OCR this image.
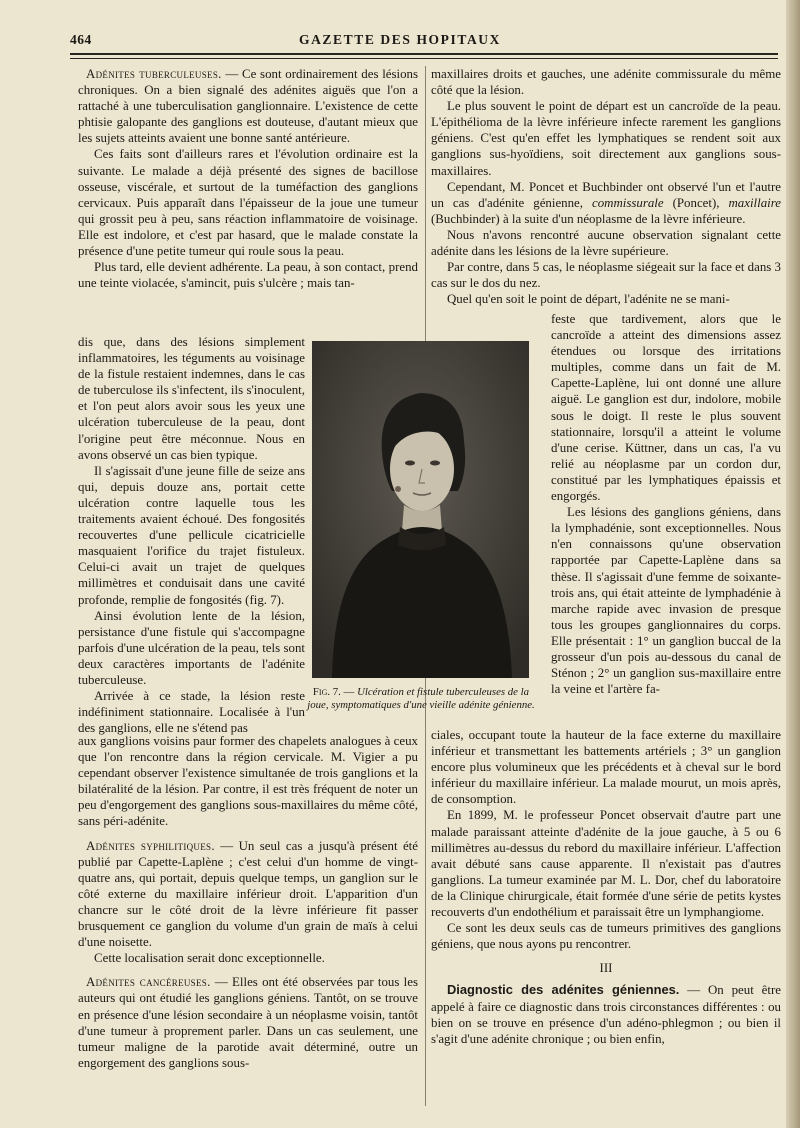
464	GAZETTE DES HOPITAUX

Adénites tuberculeuses. — Ce sont ordinairement des lésions chroniques. On a bien signalé des adénites aiguës que l'on a rattaché à une tuberculisation ganglionnaire. L'existence de cette phtisie galopante des ganglions est douteuse, d'autant mieux que les sujets atteints avaient une bonne santé antérieure.

Ces faits sont d'ailleurs rares et l'évolution ordinaire est la suivante. Le malade a déjà présenté des signes de bacillose osseuse, viscérale, et surtout de la tuméfaction des ganglions cervicaux. Puis apparaît dans l'épaisseur de la joue une tumeur qui grossit peu à peu, sans réaction inflammatoire de voisinage. Elle est indolore, et c'est par hasard, que le malade constate la présence d'une petite tumeur qui roule sous la peau.

Plus tard, elle devient adhérente. La peau, à son contact, prend une teinte violacée, s'amincit, puis s'ulcère ; mais tan-

dis que, dans des lésions simplement inflammatoires, les téguments au voisinage de la fistule restaient indemnes, dans le cas de tuberculose ils s'infectent, ils s'inoculent, et l'on peut alors avoir sous les yeux une ulcération tuberculeuse de la peau, dont l'origine peut être méconnue. Nous en avons observé un cas bien typique.

Il s'agissait d'une jeune fille de seize ans qui, depuis douze ans, portait cette ulcération contre laquelle tous les traitements avaient échoué. Des fongosités recouvertes d'une pellicule cicatricielle masquaient l'orifice du trajet fistuleux. Celui-ci avait un trajet de quelques millimètres et conduisait dans une cavité profonde, remplie de fongosités (fig. 7).

Ainsi évolution lente de la lésion, persistance d'une fistule qui s'accompagne parfois d'une ulcération de la peau, tels sont deux caractères importants de l'adénite tuberculeuse.

Arrivée à ce stade, la lésion reste indéfiniment stationnaire. Localisée à l'un des ganglions, elle ne s'étend pas

Fig. 7. — Ulcération et fistule tuberculeuses de la joue, symptomatiques d'une vieille adénite génienne.

aux ganglions voisins paur former des chapelets analogues à ceux que l'on rencontre dans la région cervicale. M. Vigier a pu cependant observer l'existence simultanée de trois ganglions et la bilatéralité de la lésion. Par contre, il est très fréquent de noter un peu d'engorgement des ganglions sous-maxillaires du même côté, sans péri-adénite.

Adénites syphilitiques. — Un seul cas a jusqu'à présent été publié par Capette-Laplène ; c'est celui d'un homme de vingt-quatre ans, qui portait, depuis quelque temps, un ganglion sur le côté externe du maxillaire inférieur droit. L'apparition d'un chancre sur le côté droit de la lèvre inférieure fit passer brusquement ce ganglion du volume d'un grain de maïs à celui d'une noisette.

Cette localisation serait donc exceptionnelle.

Adénites cancéreuses. — Elles ont été observées par tous les auteurs qui ont étudié les ganglions géniens. Tantôt, on se trouve en présence d'une lésion secondaire à un néoplasme voisin, tantôt d'une tumeur à proprement parler. Dans un cas seulement, une tumeur maligne de la parotide avait déterminé, outre un engorgement des ganglions sous-

maxillaires droits et gauches, une adénite commissurale du même côté que la lésion.

Le plus souvent le point de départ est un cancroïde de la peau. L'épithélioma de la lèvre inférieure infecte rarement les ganglions géniens. C'est qu'en effet les lymphatiques se rendent soit aux ganglions sus-hyoïdiens, soit directement aux ganglions sous-maxillaires.

Cependant, M. Poncet et Buchbinder ont observé l'un et l'autre un cas d'adénite génienne, commissurale (Poncet), maxillaire (Buchbinder) à la suite d'un néoplasme de la lèvre inférieure.

Nous n'avons rencontré aucune observation signalant cette adénite dans les lésions de la lèvre supérieure.

Par contre, dans 5 cas, le néoplasme siégeait sur la face et dans 3 cas sur le dos du nez.

Quel qu'en soit le point de départ, l'adénite ne se mani-

feste que tardivement, alors que le cancroïde a atteint des dimensions assez étendues ou lorsque des irritations multiples, comme dans un fait de M. Capette-Laplène, lui ont donné une allure aiguë. Le ganglion est dur, indolore, mobile sous le doigt. Il reste le plus souvent stationnaire, lorsqu'il a atteint le volume d'une cerise. Küttner, dans un cas, l'a vu relié au néoplasme par un cordon dur, constitué par les lymphatiques épaissis et engorgés.

Les lésions des ganglions géniens, dans la lymphadénie, sont exceptionnelles. Nous n'en connaissons qu'une observation rapportée par Capette-Laplène dans sa thèse. Il s'agissait d'une femme de soixante-trois ans, qui était atteinte de lymphadénie à marche rapide avec invasion de presque tous les groupes ganglionnaires du corps. Elle présentait : 1° un ganglion buccal de la grosseur d'un pois au-dessous du canal de Sténon ; 2° un ganglion sus-maxillaire entre la veine et l'artère fa-

ciales, occupant toute la hauteur de la face externe du maxillaire inférieur et transmettant les battements artériels ; 3° un ganglion encore plus volumineux que les précédents et à cheval sur le bord inférieur du maxillaire inférieur. La malade mourut, un mois après, de consomption.

En 1899, M. le professeur Poncet observait d'autre part une malade paraissant atteinte d'adénite de la joue gauche, à 5 ou 6 millimètres au-dessus du rebord du maxillaire inférieur. L'affection avait débuté sans cause apparente. Il n'existait pas d'autres ganglions. La tumeur examinée par M. L. Dor, chef du laboratoire de la Clinique chirurgicale, était formée d'une série de petits kystes recouverts d'un endothélium et paraissait être un lymphangiome.

Ce sont les deux seuls cas de tumeurs primitives des ganglions géniens, que nous ayons pu rencontrer.

III

Diagnostic des adénites géniennes. — On peut être appelé à faire ce diagnostic dans trois circonstances différentes : ou bien on se trouve en présence d'un adéno-phlegmon ; ou bien il s'agit d'une adénite chronique ; ou bien enfin,
